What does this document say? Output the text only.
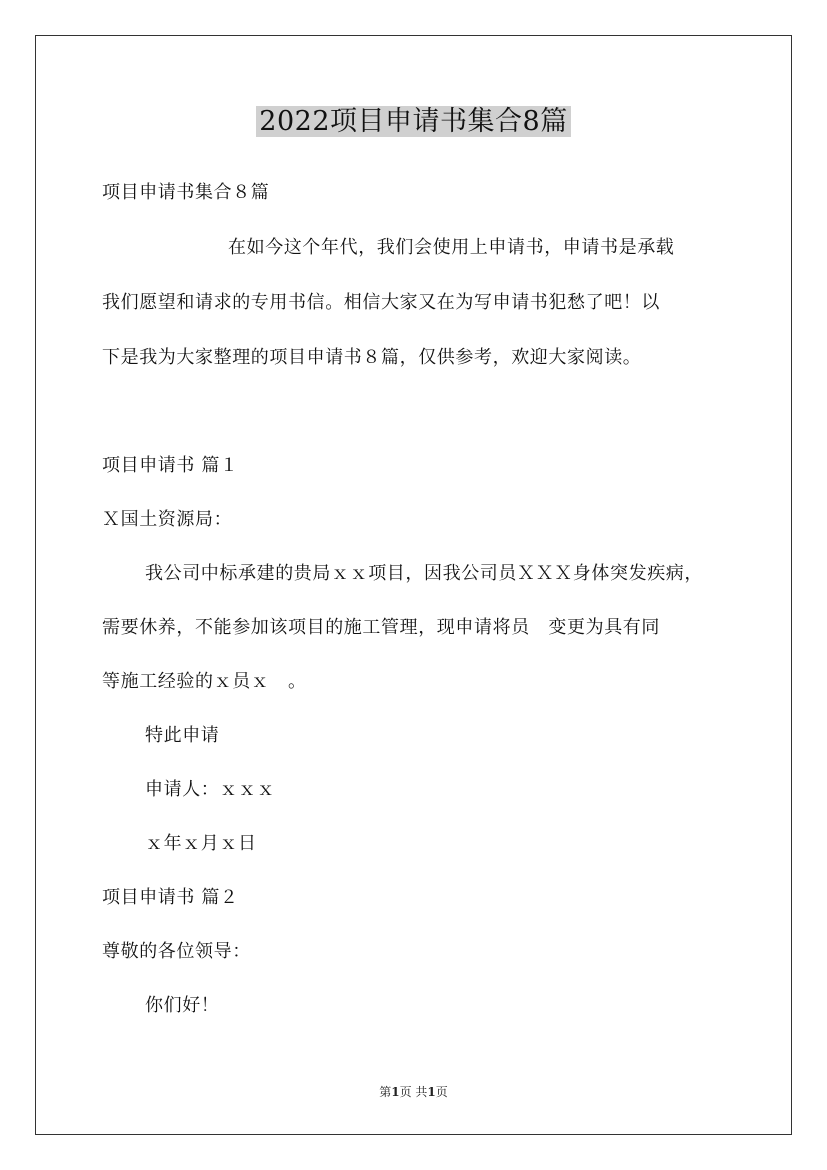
2022项目申请书集合8篇
项目申请书集合８篇
在如今这个年代，我们会使用上申请书，申请书是承载
我们愿望和请求的专用书信。相信大家又在为写申请书犯愁了吧！以
下是我为大家整理的项目申请书８篇，仅供参考，欢迎大家阅读。
项目申请书 篇１
Ｘ国土资源局：
我公司中标承建的贵局ｘｘ项目，因我公司员ＸＸＸ身体突发疾病，
需要休养，不能参加该项目的施工管理，现申请将员　变更为具有同
等施工经验的ｘ员ｘ　。
特此申请
申请人：ｘｘｘ
ｘ年ｘ月ｘ日
项目申请书 篇２
尊敬的各位领导：
你们好！
第1页 共1页
